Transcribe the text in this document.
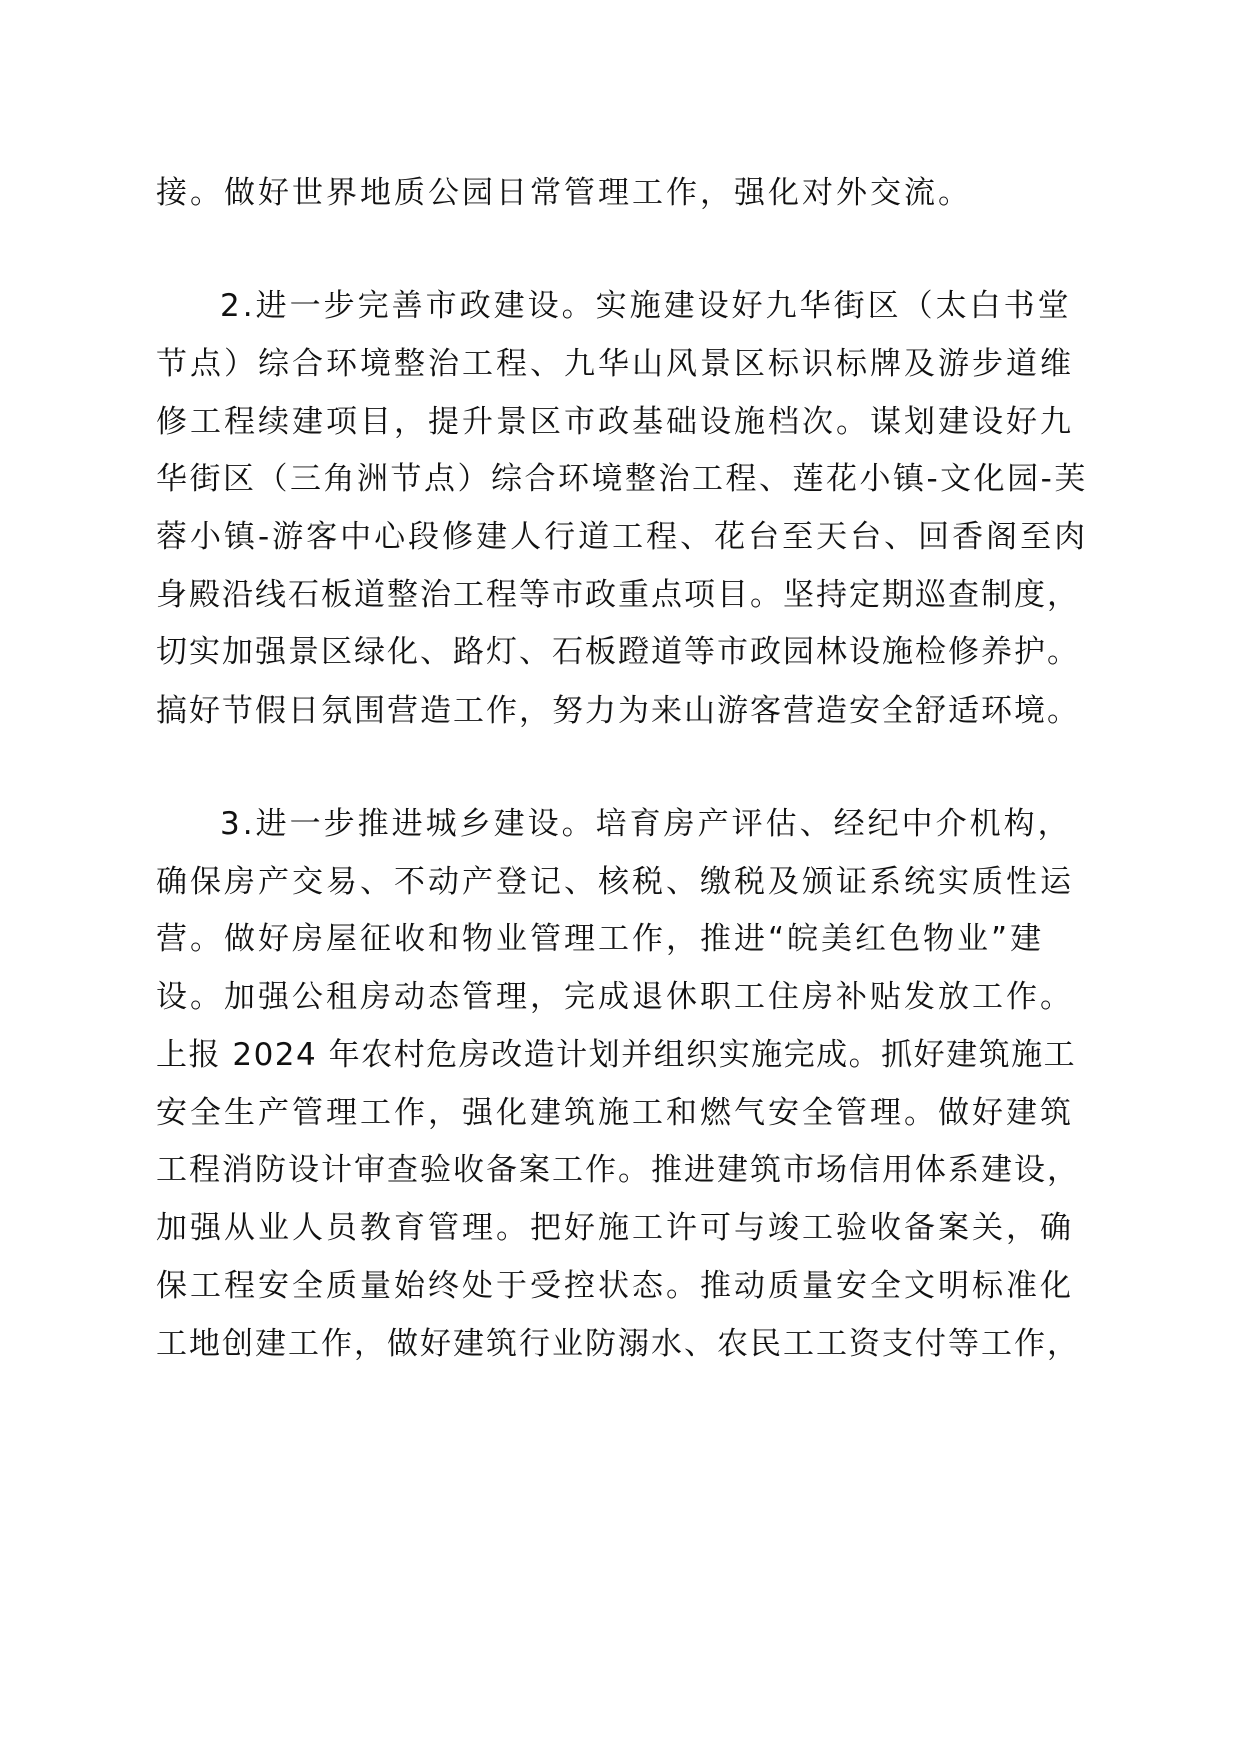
接。做好世界地质公园日常管理工作，强化对外交流。
2.进一步完善市政建设。实施建设好九华街区（太白书堂
节点）综合环境整治工程、九华山风景区标识标牌及游步道维
修工程续建项目，提升景区市政基础设施档次。谋划建设好九
华街区（三角洲节点）综合环境整治工程、莲花小镇-文化园-芙
蓉小镇-游客中心段修建人行道工程、花台至天台、回香阁至肉
身殿沿线石板道整治工程等市政重点项目。坚持定期巡查制度，
切实加强景区绿化、路灯、石板蹬道等市政园林设施检修养护。
搞好节假日氛围营造工作，努力为来山游客营造安全舒适环境。
3.进一步推进城乡建设。培育房产评估、经纪中介机构，
确保房产交易、不动产登记、核税、缴税及颁证系统实质性运
营。做好房屋征收和物业管理工作，推进“皖美红色物业”建
设。加强公租房动态管理，完成退休职工住房补贴发放工作。
上报 2024 年农村危房改造计划并组织实施完成。抓好建筑施工
安全生产管理工作，强化建筑施工和燃气安全管理。做好建筑
工程消防设计审查验收备案工作。推进建筑市场信用体系建设，
加强从业人员教育管理。把好施工许可与竣工验收备案关，确
保工程安全质量始终处于受控状态。推动质量安全文明标准化
工地创建工作，做好建筑行业防溺水、农民工工资支付等工作，
